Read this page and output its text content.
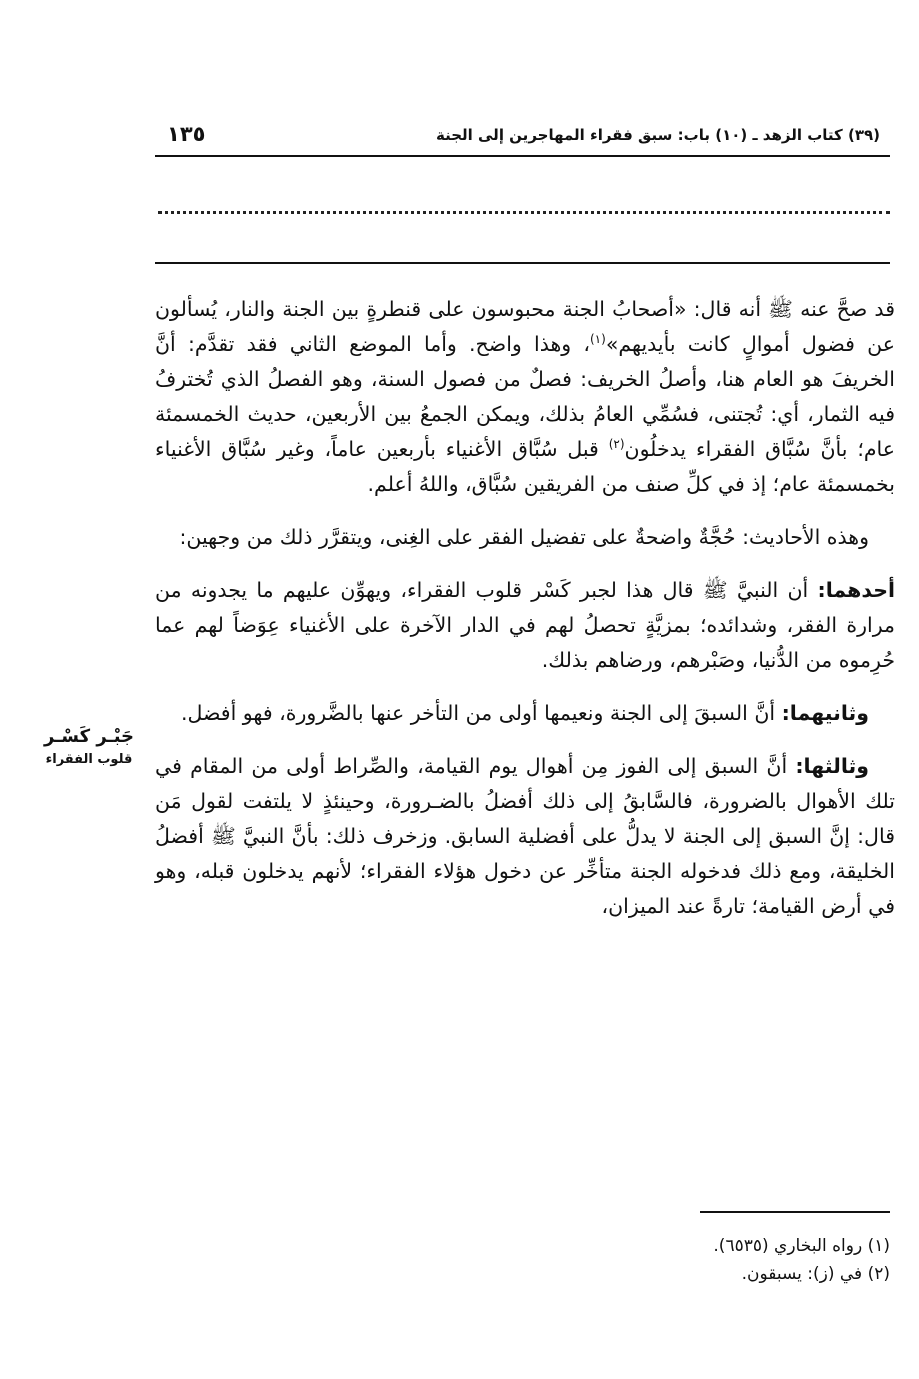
(٣٩) كتاب الزهد ـ (١٠) باب: سبق فقراء المهاجرين إلى الجنة
١٣٥

قد صحَّ عنه ﷺ أنه قال: «أصحابُ الجنة محبوسون على قنطرةٍ بين الجنة والنار، يُسألون عن فضول أموالٍ كانت بأيديهم»$^{(١)}$، وهذا واضح. وأما الموضع الثاني فقد تقدَّم: أنَّ الخريفَ هو العام هنا، وأصلُ الخريف: فصلٌ من فصول السنة، وهو الفصلُ الذي تُخترفُ فيه الثمار، أي: تُجتنى، فسُمِّي العامُ بذلك، ويمكن الجمعُ بين الأربعين، حديث الخمسمئة عام؛ بأنَّ سُبَّاق الفقراء يدخلُون$^{(٢)}$ قبل سُبَّاق الأغنياء بأربعين عاماً، وغير سُبَّاق الأغنياء بخمسمئة عام؛ إذ في كلِّ صنف من الفريقين سُبَّاق، واللهُ أعلم.

وهذه الأحاديث: حُجَّةٌ واضحةٌ على تفضيل الفقر على الغِنى، ويتقرَّر ذلك من وجهين:

أحدهما: أن النبيَّ ﷺ قال هذا لجبر كَسْر قلوب الفقراء، ويهوِّن عليهم ما يجدونه من مرارة الفقر، وشدائده؛ بمزيَّةٍ تحصلُ لهم في الدار الآخرة على الأغنياء عِوَضاً لهم عما حُرِموه من الدُّنيا، وصَبْرهم، ورضاهم بذلك.

وثانيهما: أنَّ السبقَ إلى الجنة ونعيمها أولى من التأخر عنها بالضَّرورة، فهو أفضل.

وثالثها: أنَّ السبق إلى الفوز مِن أهوال يوم القيامة، والصِّراط أولى من المقام في تلك الأهوال بالضرورة، فالسَّابقُ إلى ذلك أفضلُ بالضـرورة، وحينئذٍ لا يلتفت لقول مَن قال: إنَّ السبق إلى الجنة لا يدلُّ على أفضلية السابق. وزخرف ذلك: بأنَّ النبيَّ ﷺ أفضلُ الخليقة، ومع ذلك فدخوله الجنة متأخِّر عن دخول هؤلاء الفقراء؛ لأنهم يدخلون قبله، وهو في أرض القيامة؛ تارةً عند الميزان،

جَبْـر كَسْـر
قلوب الفقراء
(١) رواه البخاري (٦٥٣٥).
(٢) في (ز): يسبقون.
